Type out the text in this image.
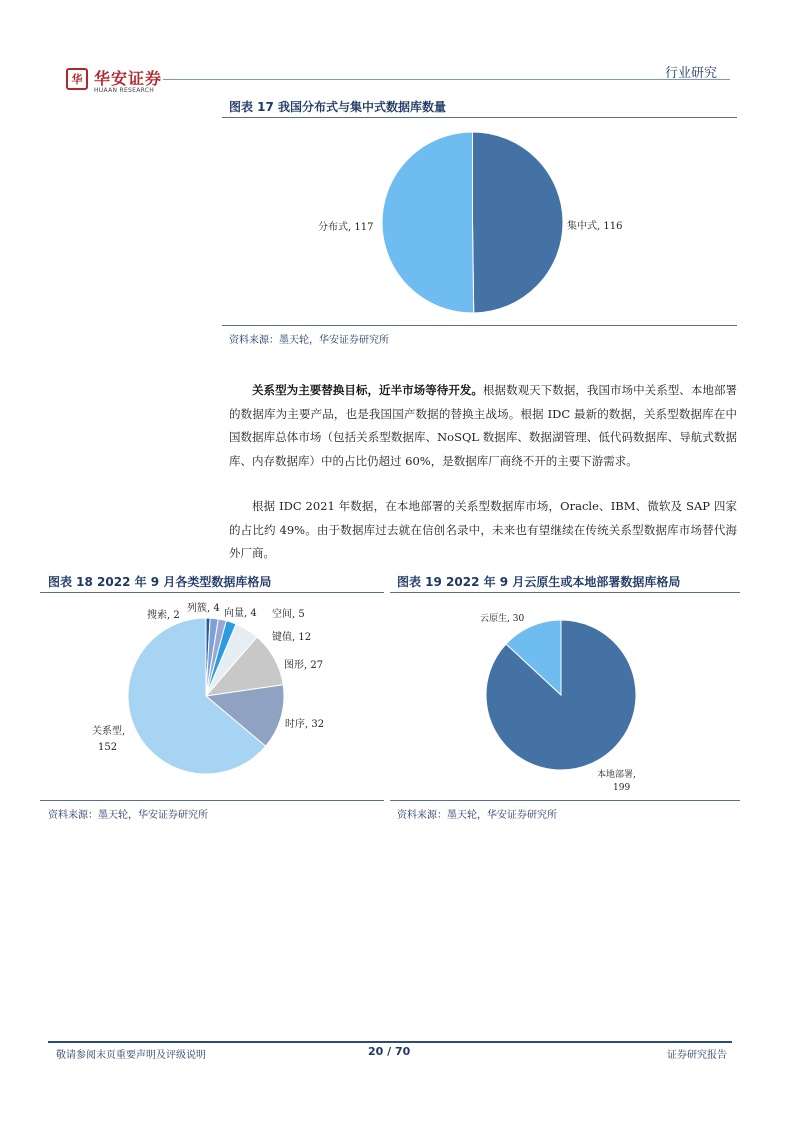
华 华安证券
HUAAN RESEARCH
行业研究
图表 17 我国分布式与集中式数据库数量
分布式, 117	集中式, 116
资料来源：墨天轮，华安证券研究所
关系型为主要替换目标，近半市场等待开发。根据数观天下数据，我国市场中关系型、本地部署的数据库为主要产品，也是我国国产数据的替换主战场。根据 IDC 最新的数据，关系型数据库在中国数据库总体市场（包括关系型数据库、NoSQL 数据库、数据湖管理、低代码数据库、导航式数据库、内存数据库）中的占比仍超过 60%，是数据库厂商绕不开的主要下游需求。
根据 IDC 2021 年数据，在本地部署的关系型数据库市场，Oracle、IBM、微软及 SAP 四家的占比约 49%。由于数据库过去就在信创名录中，未来也有望继续在传统关系型数据库市场替代海外厂商。
图表 18 2022 年 9 月各类型数据库格局
搜索, 2
列簇, 4 向量, 4 空间, 5
键值, 12
图形, 27
时序, 32
关系型,
152
资料来源：墨天轮，华安证券研究所
图表 19 2022 年 9 月云原生或本地部署数据库格局
云原生, 30
本地部署,
199
资料来源：墨天轮，华安证券研究所
敬请参阅末页重要声明及评级说明	20 / 70	证券研究报告
